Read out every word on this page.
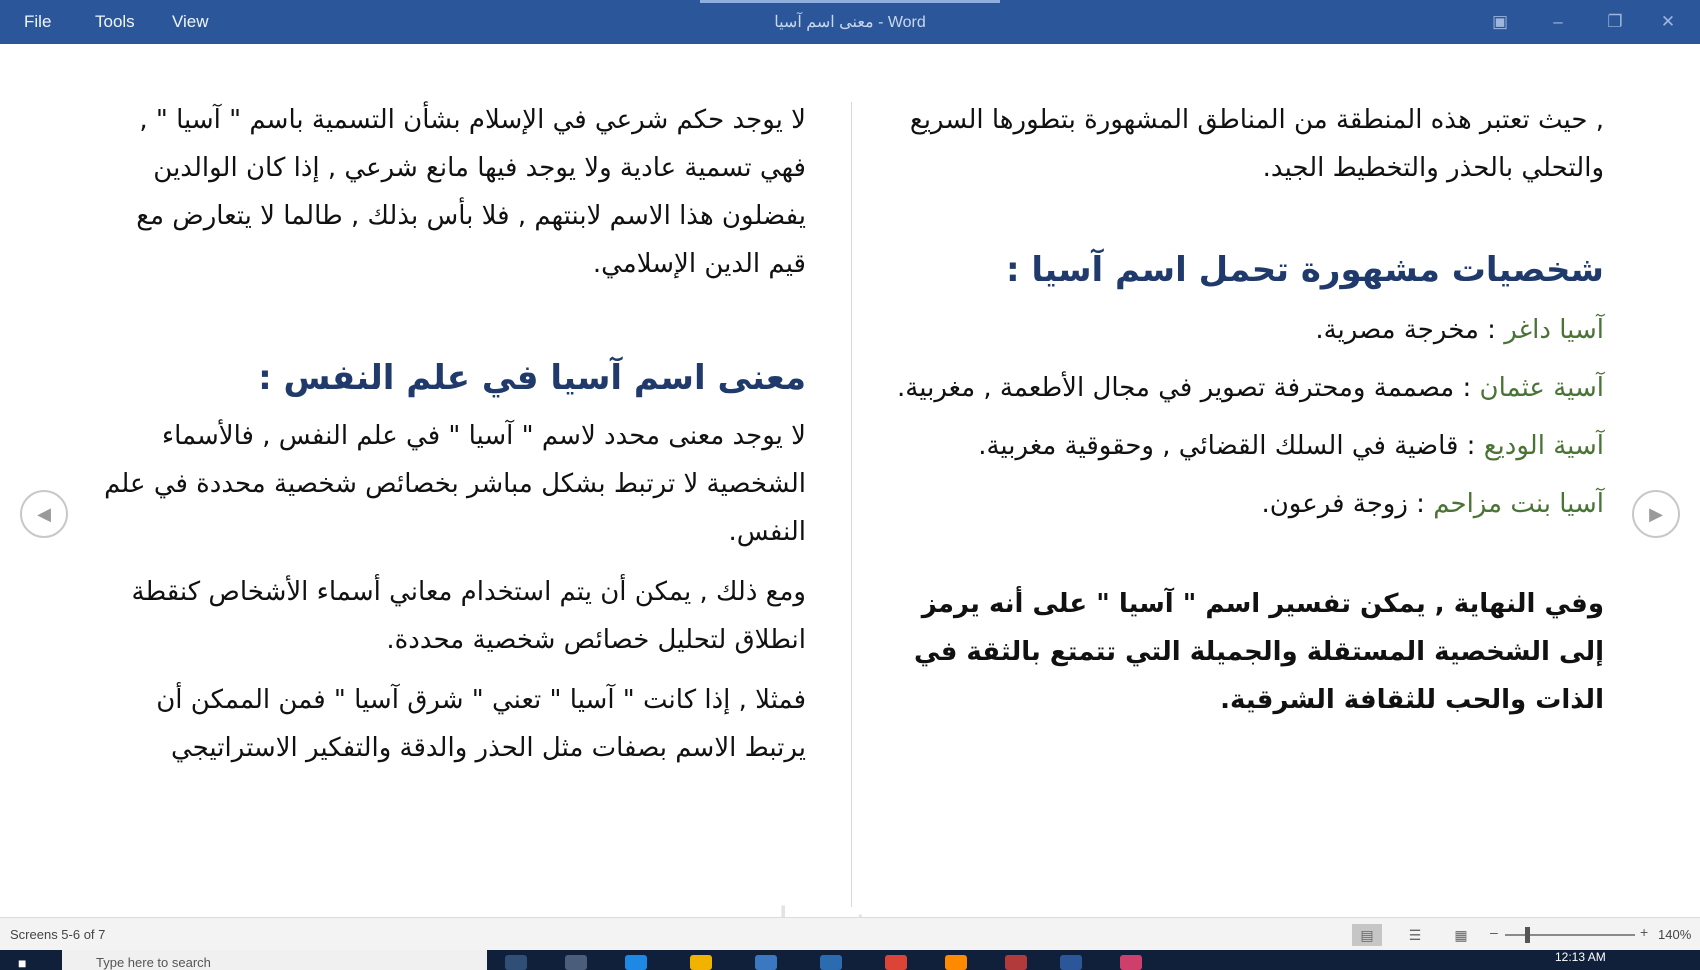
File	Tools View	معنى اسم آسيا - Word	▣	–	❐	✕

, حيث تعتبر هذه المنطقة من المناطق المشهورة بتطورها السريع والتحلي بالحذر والتخطيط الجيد.

شخصيات مشهورة تحمل اسم آسيا :

آسيا داغر : مخرجة مصرية.

آسية عثمان : مصممة ومحترفة تصوير في مجال الأطعمة , مغربية.

آسية الوديع : قاضية في السلك القضائي , وحقوقية مغربية.

آسيا بنت مزاحم : زوجة فرعون.

وفي النهاية , يمكن تفسير اسم " آسيا " على أنه يرمز إلى الشخصية المستقلة والجميلة التي تتمتع بالثقة في الذات والحب للثقافة الشرقية.

لا يوجد حكم شرعي في الإسلام بشأن التسمية باسم " آسيا " , فهي تسمية عادية ولا يوجد فيها مانع شرعي , إذا كان الوالدين يفضلون هذا الاسم لابنتهم , فلا بأس بذلك , طالما لا يتعارض مع قيم الدين الإسلامي.

معنى اسم آسيا في علم النفس :

لا يوجد معنى محدد لاسم " آسيا " في علم النفس , فالأسماء الشخصية لا ترتبط بشكل مباشر بخصائص شخصية محددة في علم النفس.

ومع ذلك , يمكن أن يتم استخدام معاني أسماء الأشخاص كنقطة انطلاق لتحليل خصائص شخصية محددة.

فمثلا , إذا كانت " آسيا " تعني " شرق آسيا " فمن الممكن أن يرتبط الاسم بصفات مثل الحذر والدقة والتفكير الاستراتيجي

◀	▶
Screens 5-6 of 7	▤	☰ ▦ –	+ 140%
■	Type here to search	12:13 AM
